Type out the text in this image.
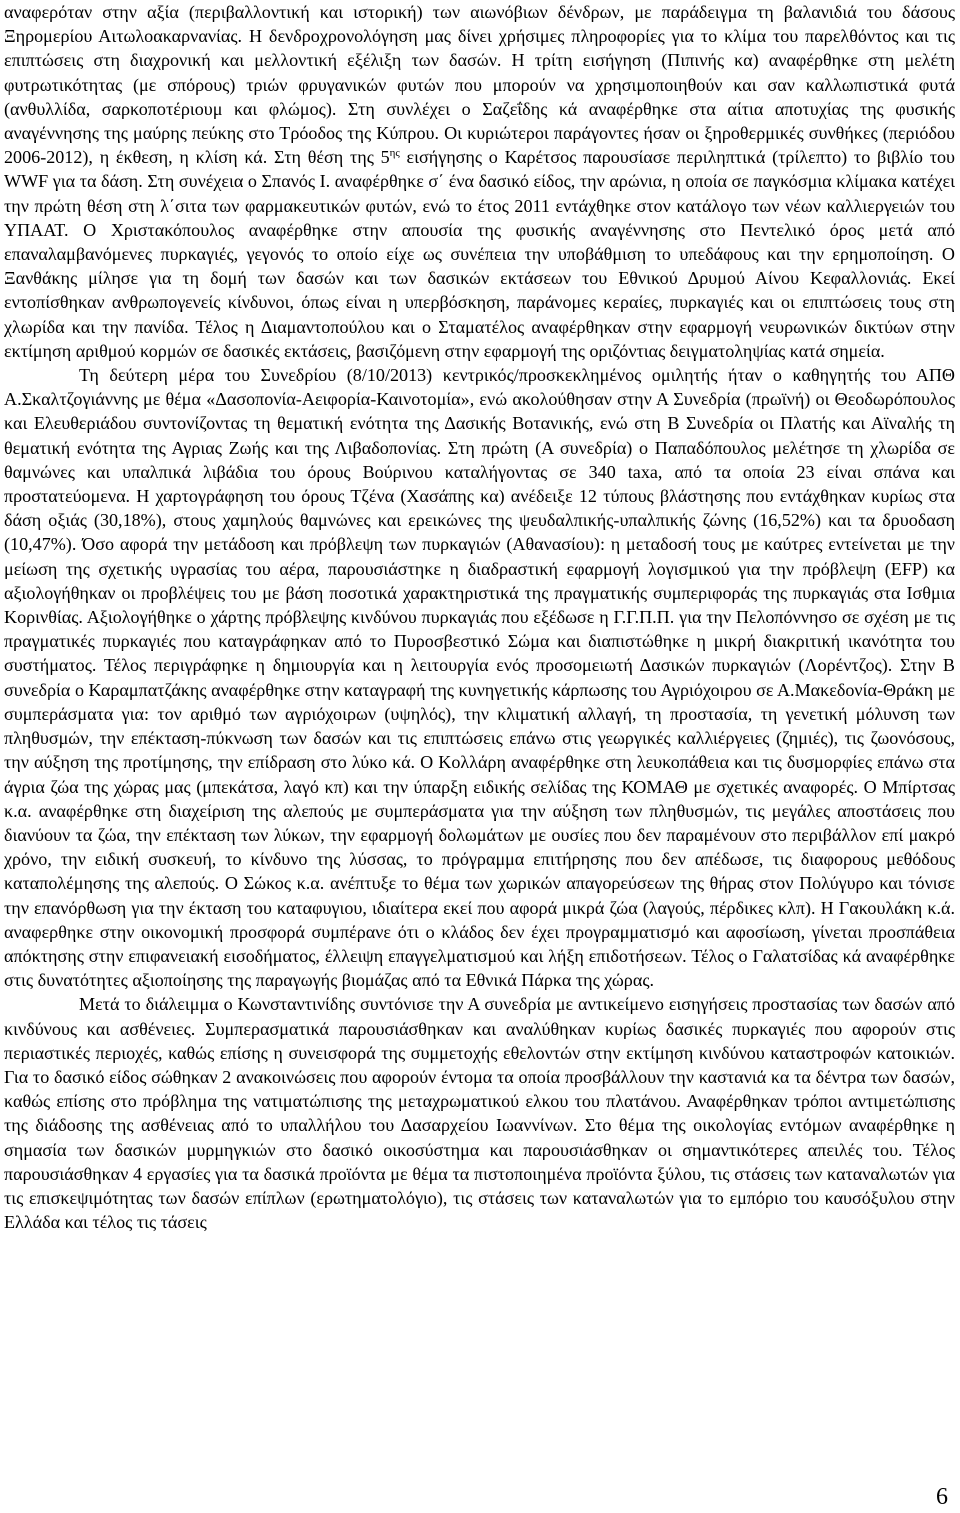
αναφερόταν στην αξία (περιβαλλοντική και ιστορική) των αιωνόβιων δένδρων, με παράδειγμα τη βαλανιδιά του δάσους Ξηρομερίου Αιτωλοακαρνανίας. Η δενδροχρονολόγηση μας δίνει χρήσιμες πληροφορίες για το κλίμα του παρελθόντος και τις επιπτώσεις στη διαχρονική και μελλοντική εξέλιξη των δασών. Η τρίτη εισήγηση (Πιπινής κα) αναφέρθηκε στη μελέτη φυτρωτικότητας (με σπόρους) τριών φρυγανικών φυτών που μπορούν να χρησιμοποιηθούν και σαν καλλωπιστικά φυτά (ανθυλλίδα, σαρκοποτέριουμ και φλώμος). Στη συνλέχει ο Σαζεΐδης κά αναφέρθηκε στα αίτια αποτυχίας της φυσικής αναγέννησης της μαύρης πεύκης στο Τρόοδος της Κύπρου. Οι κυριώτεροι παράγοντες ήσαν οι ξηροθερμικές συνθήκες (περιόδου 2006-2012), η έκθεση, η κλίση κά. Στη θέση της $5^{\eta\varsigma}$ εισήγησης ο Καρέτσος παρουσίασε περιληπτικά (τρίλεπτο) το βιβλίο του WWF για τα δάση. Στη συνέχεια ο Σπανός Ι. αναφέρθηκε σ΄ ένα δασικό είδος, την αρώνια, η οποία σε παγκόσμια κλίμακα κατέχει την πρώτη θέση στη λ΄σιτα των φαρμακευτικών φυτών, ενώ το έτος 2011 εντάχθηκε στον κατάλογο των νέων καλλιεργειών του ΥΠΑΑΤ. Ο Χριστακόπουλος αναφέρθηκε στην απουσία της φυσικής αναγέννησης στο Πεντελικό όρος μετά από επαναλαμβανόμενες πυρκαγιές, γεγονός το οποίο είχε ως συνέπεια την υποβάθμιση το υπεδάφους και την ερημοποίηση. Ο Ξανθάκης μίλησε για τη δομή των δασών και των δασικών εκτάσεων του Εθνικού Δρυμού Αίνου Κεφαλλονιάς. Εκεί εντοπίσθηκαν ανθρωπογενείς κίνδυνοι, όπως είναι η υπερβόσκηση, παράνομες κεραίες, πυρκαγιές και οι επιπτώσεις τους στη χλωρίδα και την πανίδα. Τέλος η Διαμαντοπούλου και ο Σταματέλος αναφέρθηκαν στην εφαρμογή νευρωνικών δικτύων στην εκτίμηση αριθμού κορμών σε δασικές εκτάσεις, βασιζόμενη στην εφαρμογή της οριζόντιας δειγματοληψίας κατά σημεία.

Τη δεύτερη μέρα του Συνεδρίου (8/10/2013) κεντρικός/προσκεκλημένος ομιλητής ήταν ο καθηγητής του ΑΠΘ Α.Σκαλτζογιάννης με θέμα «Δασοπονία-Αειφορία-Καινοτομία», ενώ ακολούθησαν στην Α Συνεδρία (πρωϊνή) οι Θεοδωρόπουλος και Ελευθεριάδου συντονίζοντας τη θεματική ενότητα της Δασικής Βοτανικής, ενώ στη Β Συνεδρία οι Πλατής και Αϊναλής τη θεματική ενότητα της Αγριας Ζωής και της Λιβαδοπονίας. Στη πρώτη (Α συνεδρία) ο Παπαδόπουλος μελέτησε τη χλωρίδα σε θαμνώνες και υπαλπικά λιβάδια του όρους Βούρινου καταλήγοντας σε 340 taxa, από τα οποία 23 είναι σπάνα και προστατεύομενα. Η χαρτογράφηση του όρους Τζένα (Χασάπης κα) ανέδειξε 12 τύπους βλάστησης που εντάχθηκαν κυρίως στα δάση οξιάς (30,18%), στους χαμηλούς θαμνώνες και ερεικώνες της ψευδαλπικής-υπαλπικής ζώνης (16,52%) και τα δρυοδαση (10,47%). Όσο αφορά την μετάδοση και πρόβλεψη των πυρκαγιών (Αθανασίου): η μεταδοσή τους με καύτρες εντείνεται με την μείωση της σχετικής υγρασίας του αέρα, παρουσιάστηκε η διαδραστική εφαρμογή λογισμικού για την πρόβλεψη (EFP) κα αξιολογήθηκαν οι προβλέψεις του με βάση ποσοτικά χαρακτηριστικά της πραγματικής συμπεριφοράς της πυρκαγιάς στα Ισθμια Κορινθίας. Αξιολογήθηκε ο χάρτης πρόβλεψης κινδύνου πυρκαγιάς που εξέδωσε η Γ.Γ.Π.Π. για την Πελοπόννησο σε σχέση με τις πραγματικές πυρκαγιές που καταγράφηκαν από το Πυροσβεστικό Σώμα και διαπιστώθηκε η μικρή διακριτική ικανότητα του συστήματος. Τέλος περιγράφηκε η δημιουργία και η λειτουργία ενός προσομειωτή Δασικών πυρκαγιών (Λορέντζος). Στην Β συνεδρία ο Καραμπατζάκης αναφέρθηκε στην καταγραφή της κυνηγετικής κάρπωσης του Αγριόχοιρου σε Α.Μακεδονία-Θράκη με συμπεράσματα για: τον αριθμό των αγριόχοιρων (υψηλός), την κλιματική αλλαγή, τη προστασία, τη γενετική μόλυνση των πληθυσμών, την επέκταση-πύκνωση των δασών και τις επιπτώσεις επάνω στις γεωργικές καλλιέργειες (ζημιές), τις ζωονόσους, την αύξηση της προτίμησης, την επίδραση στο λύκο κά. Ο Κολλάρη αναφέρθηκε στη λευκοπάθεια και τις δυσμορφίες επάνω στα άγρια ζώα της χώρας μας (μπεκάτσα, λαγό κπ) και την ύπαρξη ειδικής σελίδας της ΚΟΜΑΘ με σχετικές αναφορές. Ο Μπίρτσας κ.α. αναφέρθηκε στη διαχείριση της αλεπούς με συμπεράσματα για την αύξηση των πληθυσμών, τις μεγάλες αποστάσεις που διανύουν τα ζώα, την επέκταση των λύκων, την εφαρμογή δολωμάτων με ουσίες που δεν παραμένουν στο περιβάλλον επί μακρό χρόνο, την ειδική συσκευή, το κίνδυνο της λύσσας, το πρόγραμμα επιτήρησης που δεν απέδωσε, τις διαφορους μεθόδους καταπολέμησης της αλεπούς. Ο Σώκος κ.α. ανέπτυξε το θέμα των χωρικών απαγορεύσεων της θήρας στον Πολύγυρο και τόνισε την επανόρθωση για την έκταση του καταφυγιου, ιδιαίτερα εκεί που αφορά μικρά ζώα (λαγούς, πέρδικες κλπ). Η Γακουλάκη κ.ά. αναφερθηκε στην οικονομική προσφορά συμπέρανε ότι ο κλάδος δεν έχει προγραμματισμό και αφοσίωση, γίνεται προσπάθεια απόκτησης στην επιφανειακή εισοδήματος, έλλειψη επαγγελματισμού και λήξη επιδοτήσεων. Τέλος ο Γαλατσίδας κά αναφέρθηκε στις δυνατότητες αξιοποίησης της παραγωγής βιομάζας από τα Εθνικά Πάρκα της χώρας.

Μετά το διάλειμμα ο Κωνσταντινίδης συντόνισε την Α συνεδρία με αντικείμενο εισηγήσεις προστασίας των δασών από κινδύνους και ασθένειες. Συμπερασματικά παρουσιάσθηκαν και αναλύθηκαν κυρίως δασικές πυρκαγιές που αφορούν στις περιαστικές περιοχές, καθώς επίσης η συνεισφορά της συμμετοχής εθελοντών στην εκτίμηση κινδύνου καταστροφών κατοικιών. Για το δασικό είδος σώθηκαν 2 ανακοινώσεις που αφορούν έντομα τα οποία προσβάλλουν την καστανιά κα τα δέντρα των δασών, καθώς επίσης στο πρόβλημα της νατιματώπισης της μεταχρωματικού ελκου του πλατάνου. Αναφέρθηκαν τρόποι αντιμετώπισης της διάδοσης της ασθένειας από το υπαλλήλου του Δασαρχείου Ιωαννίνων. Στο θέμα της οικολογίας εντόμων αναφέρθηκε η σημασία των δασικών μυρμηγκιών στο δασικό οικοσύστημα και παρουσιάσθηκαν οι σημαντικότερες απειλές του. Τέλος παρουσιάσθηκαν 4 εργασίες για τα δασικά προϊόντα με θέμα τα πιστοποιημένα προϊόντα ξύλου, τις στάσεις των καταναλωτών για τις επισκεψιμότητας των δασών επίπλων (ερωτηματολόγιο), τις στάσεις των καταναλωτών για το εμπόριο του καυσόξυλου στην Ελλάδα και τέλος τις τάσεις

6
